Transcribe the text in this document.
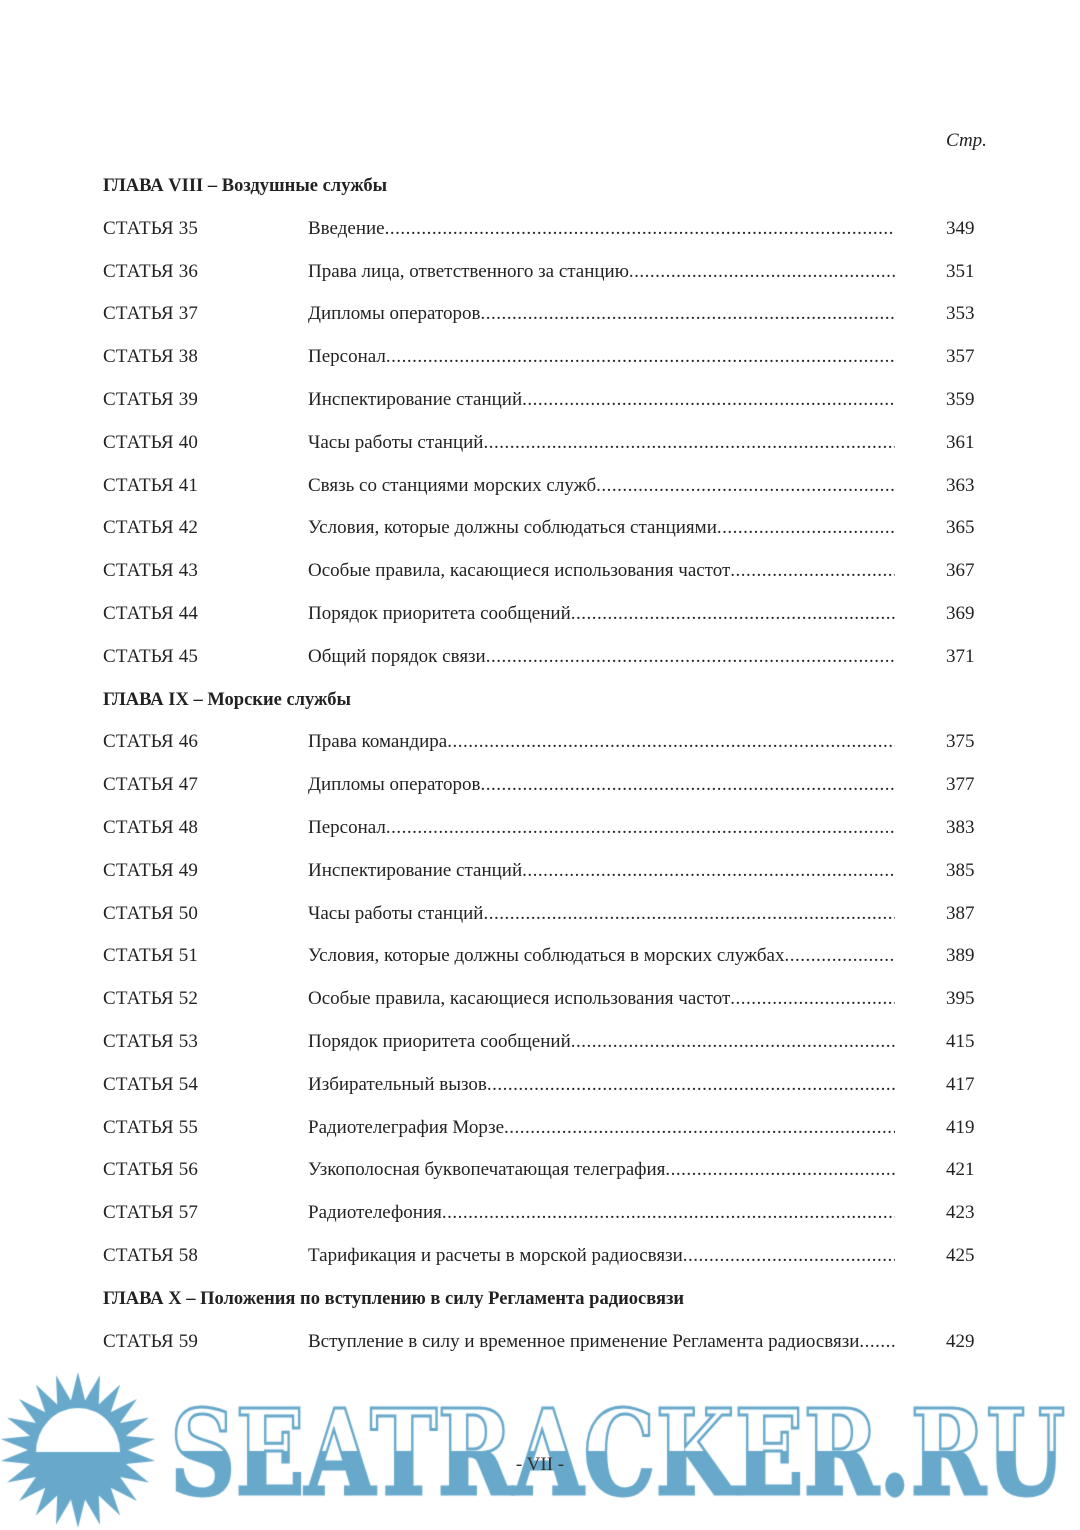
Стр.
ГЛАВА VIII – Воздушные службы
СТАТЬЯ 35	Введение .....	349
СТАТЬЯ 36	Права лица, ответственного за станцию .....	351
СТАТЬЯ 37	Дипломы операторов .....	353
СТАТЬЯ 38	Персонал .....	357
СТАТЬЯ 39	Инспектирование станций .....	359
СТАТЬЯ 40	Часы работы станций .....	361
СТАТЬЯ 41	Связь со станциями морских служб .....	363
СТАТЬЯ 42	Условия, которые должны соблюдаться станциями .....	365
СТАТЬЯ 43	Особые правила, касающиеся использования частот .....	367
СТАТЬЯ 44	Порядок приоритета сообщений .....	369
СТАТЬЯ 45	Общий порядок связи .....	371
ГЛАВА IX – Морские службы
СТАТЬЯ 46	Права командира .....	375
СТАТЬЯ 47	Дипломы операторов .....	377
СТАТЬЯ 48	Персонал .....	383
СТАТЬЯ 49	Инспектирование станций .....	385
СТАТЬЯ 50	Часы работы станций .....	387
СТАТЬЯ 51	Условия, которые должны соблюдаться в морских службах .....	389
СТАТЬЯ 52	Особые правила, касающиеся использования частот .....	395
СТАТЬЯ 53	Порядок приоритета сообщений .....	415
СТАТЬЯ 54	Избирательный вызов .....	417
СТАТЬЯ 55	Радиотелеграфия Морзе .....	419
СТАТЬЯ 56	Узкополосная буквопечатающая телеграфия .....	421
СТАТЬЯ 57	Радиотелефония .....	423
СТАТЬЯ 58	Тарификация и расчеты в морской радиосвязи .....	425
ГЛАВА X – Положения по вступлению в силу Регламента радиосвязи
СТАТЬЯ 59	Вступление в силу и временное применение Регламента радиосвязи .....	429
- VII -
